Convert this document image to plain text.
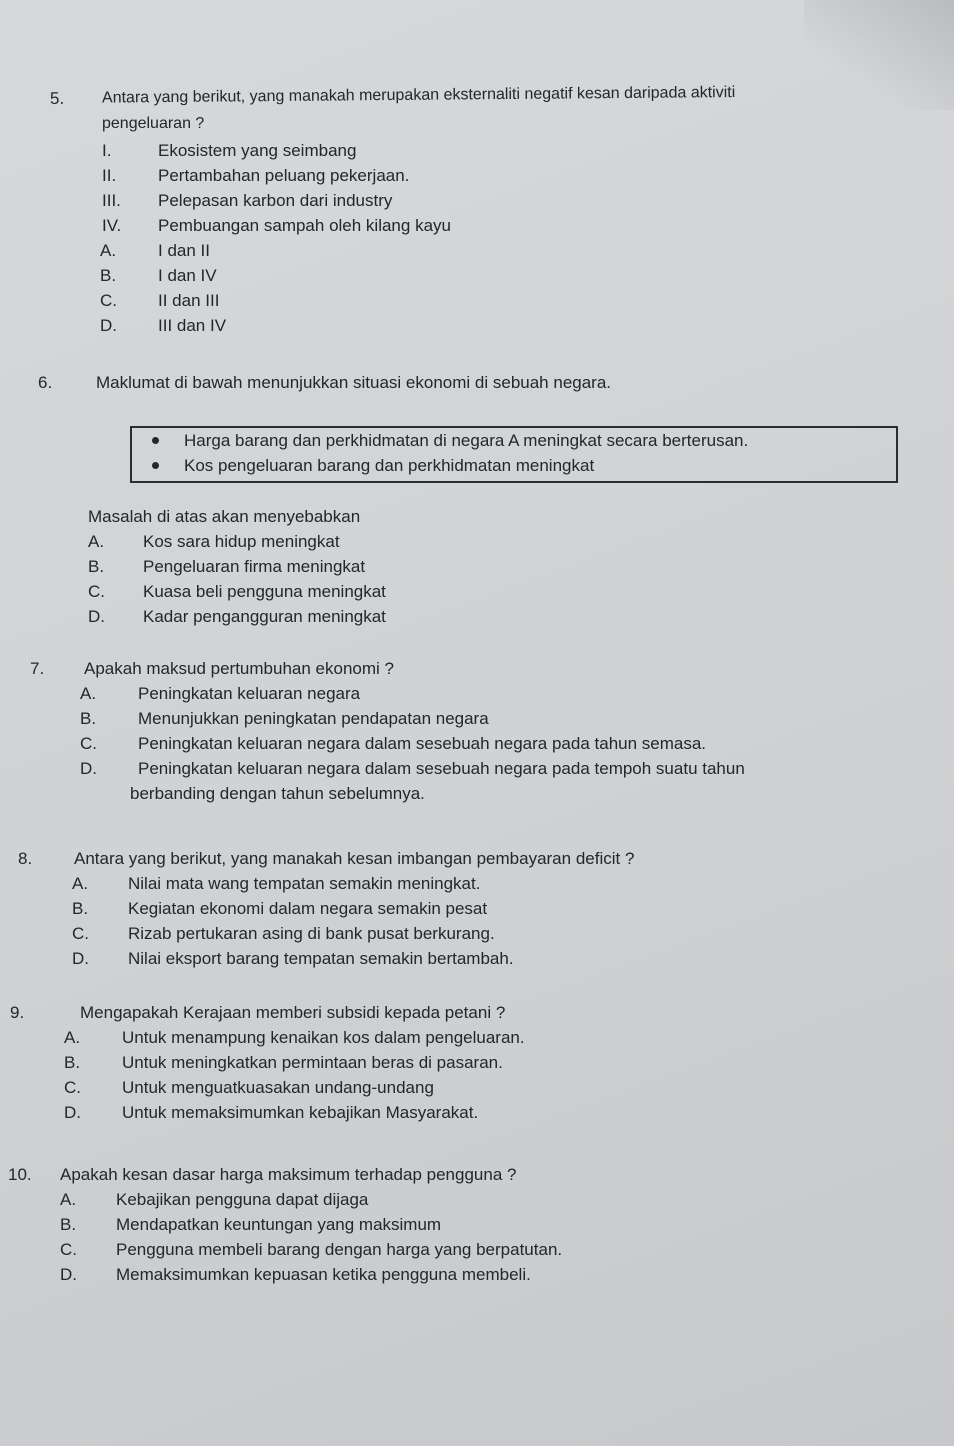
5.	Antara yang berikut, yang manakah merupakan eksternaliti negatif kesan daripada aktiviti
pengeluaran ?
I.	Ekosistem yang seimbang
II.	Pertambahan peluang pekerjaan.
III.	Pelepasan karbon dari industry
IV.	Pembuangan sampah oleh kilang kayu
A.	I dan II
B.	I dan IV
C.	II dan III
D.	III dan IV
6.	Maklumat di bawah menunjukkan situasi ekonomi di sebuah negara.
Harga barang dan perkhidmatan di negara A meningkat secara berterusan.
Kos pengeluaran barang dan perkhidmatan meningkat
Masalah di atas akan menyebabkan
A.	Kos sara hidup meningkat
B.	Pengeluaran firma meningkat
C.	Kuasa beli pengguna meningkat
D.	Kadar pengangguran meningkat
7.	Apakah maksud pertumbuhan ekonomi ?
A.	Peningkatan keluaran negara
B.	Menunjukkan peningkatan pendapatan negara
C.	Peningkatan keluaran negara dalam sesebuah negara pada tahun semasa.
D.	Peningkatan keluaran negara dalam sesebuah negara pada tempoh suatu tahun
berbanding dengan tahun sebelumnya.
8.	Antara yang berikut, yang manakah kesan imbangan pembayaran deficit ?
A.	Nilai mata wang tempatan semakin meningkat.
B.	Kegiatan ekonomi dalam negara semakin pesat
C.	Rizab pertukaran asing di bank pusat berkurang.
D.	Nilai eksport barang tempatan semakin bertambah.
9.	Mengapakah Kerajaan memberi subsidi kepada petani ?
A.	Untuk menampung kenaikan kos dalam pengeluaran.
B.	Untuk meningkatkan permintaan beras di pasaran.
C.	Untuk menguatkuasakan undang-undang
D.	Untuk memaksimumkan kebajikan Masyarakat.
10.	Apakah kesan dasar harga maksimum terhadap pengguna ?
A.	Kebajikan pengguna dapat dijaga
B.	Mendapatkan keuntungan yang maksimum
C.	Pengguna membeli barang dengan harga yang berpatutan.
D.	Memaksimumkan kepuasan ketika pengguna membeli.
